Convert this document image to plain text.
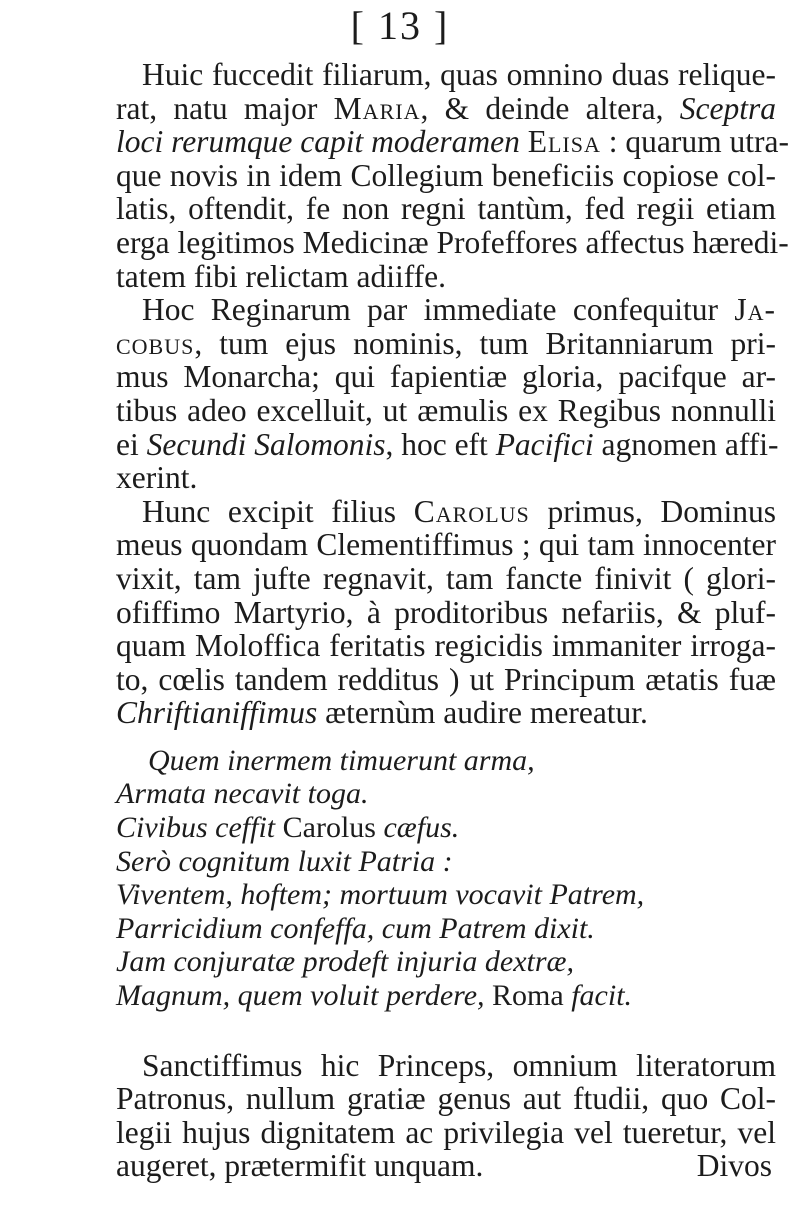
[ 13 ]
Huic fuccedit filiarum, quas omnino duas relique-
rat, natu major Maria, & deinde altera, Sceptra
loci rerumque capit moderamen Elisa : quarum utra-
que novis in idem Collegium beneficiis copiose col-
latis, oftendit, fe non regni tantùm, fed regii etiam
erga legitimos Medicinæ Profeffores affectus hæredi-
tatem fibi relictam adiiffe.
Hoc Reginarum par immediate confequitur Ja-
cobus, tum ejus nominis, tum Britanniarum pri-
mus Monarcha; qui fapientiæ gloria, pacifque ar-
tibus adeo excelluit, ut æmulis ex Regibus nonnulli
ei Secundi Salomonis, hoc eft Pacifici agnomen affi-
xerint.
Hunc excipit filius Carolus primus, Dominus
meus quondam Clementiffimus ; qui tam innocenter
vixit, tam jufte regnavit, tam fancte finivit ( glori-
ofiffimo Martyrio, à proditoribus nefariis, & pluf-
quam Moloffica feritatis regicidis immaniter irroga-
to, cœlis tandem redditus ) ut Principum ætatis fuæ
Chriftianiffimus æternùm audire mereatur.
Quem inermem timuerunt arma,
Armata necavit toga.
Civibus ceffit Carolus cæfus.
Serò cognitum luxit Patria :
Viventem, hoftem; mortuum vocavit Patrem,
Parricidium confeffa, cum Patrem dixit.
Jam conjuratæ prodeft injuria dextræ,
Magnum, quem voluit perdere, Roma facit.
Sanctiffimus hic Princeps, omnium literatorum
Patronus, nullum gratiæ genus aut ftudii, quo Col-
legii hujus dignitatem ac privilegia vel tueretur, vel
augeret, prætermifit unquam.	Divos
